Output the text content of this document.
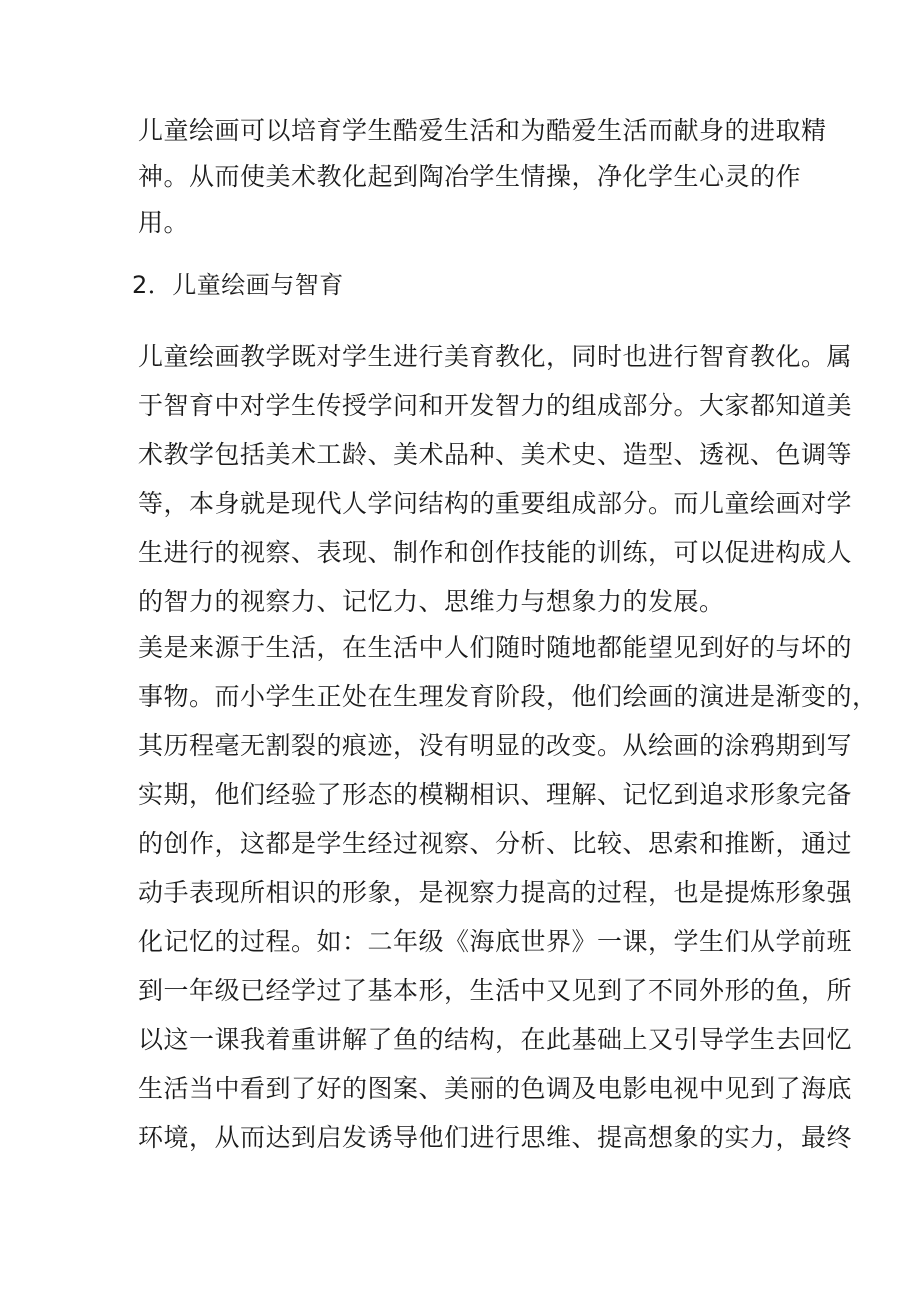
儿童绘画可以培育学生酷爱生活和为酷爱生活而献身的进取精
神。从而使美术教化起到陶冶学生情操，净化学生心灵的作
用。
2．儿童绘画与智育
儿童绘画教学既对学生进行美育教化，同时也进行智育教化。属
于智育中对学生传授学问和开发智力的组成部分。大家都知道美
术教学包括美术工龄、美术品种、美术史、造型、透视、色调等
等，本身就是现代人学问结构的重要组成部分。而儿童绘画对学
生进行的视察、表现、制作和创作技能的训练，可以促进构成人
的智力的视察力、记忆力、思维力与想象力的发展。
美是来源于生活，在生活中人们随时随地都能望见到好的与坏的
事物。而小学生正处在生理发育阶段，他们绘画的演进是渐变的，
其历程毫无割裂的痕迹，没有明显的改变。从绘画的涂鸦期到写
实期，他们经验了形态的模糊相识、理解、记忆到追求形象完备
的创作，这都是学生经过视察、分析、比较、思索和推断，通过
动手表现所相识的形象，是视察力提高的过程，也是提炼形象强
化记忆的过程。如：二年级《海底世界》一课，学生们从学前班
到一年级已经学过了基本形，生活中又见到了不同外形的鱼，所
以这一课我着重讲解了鱼的结构，在此基础上又引导学生去回忆
生活当中看到了好的图案、美丽的色调及电影电视中见到了海底
环境，从而达到启发诱导他们进行思维、提高想象的实力，最终
